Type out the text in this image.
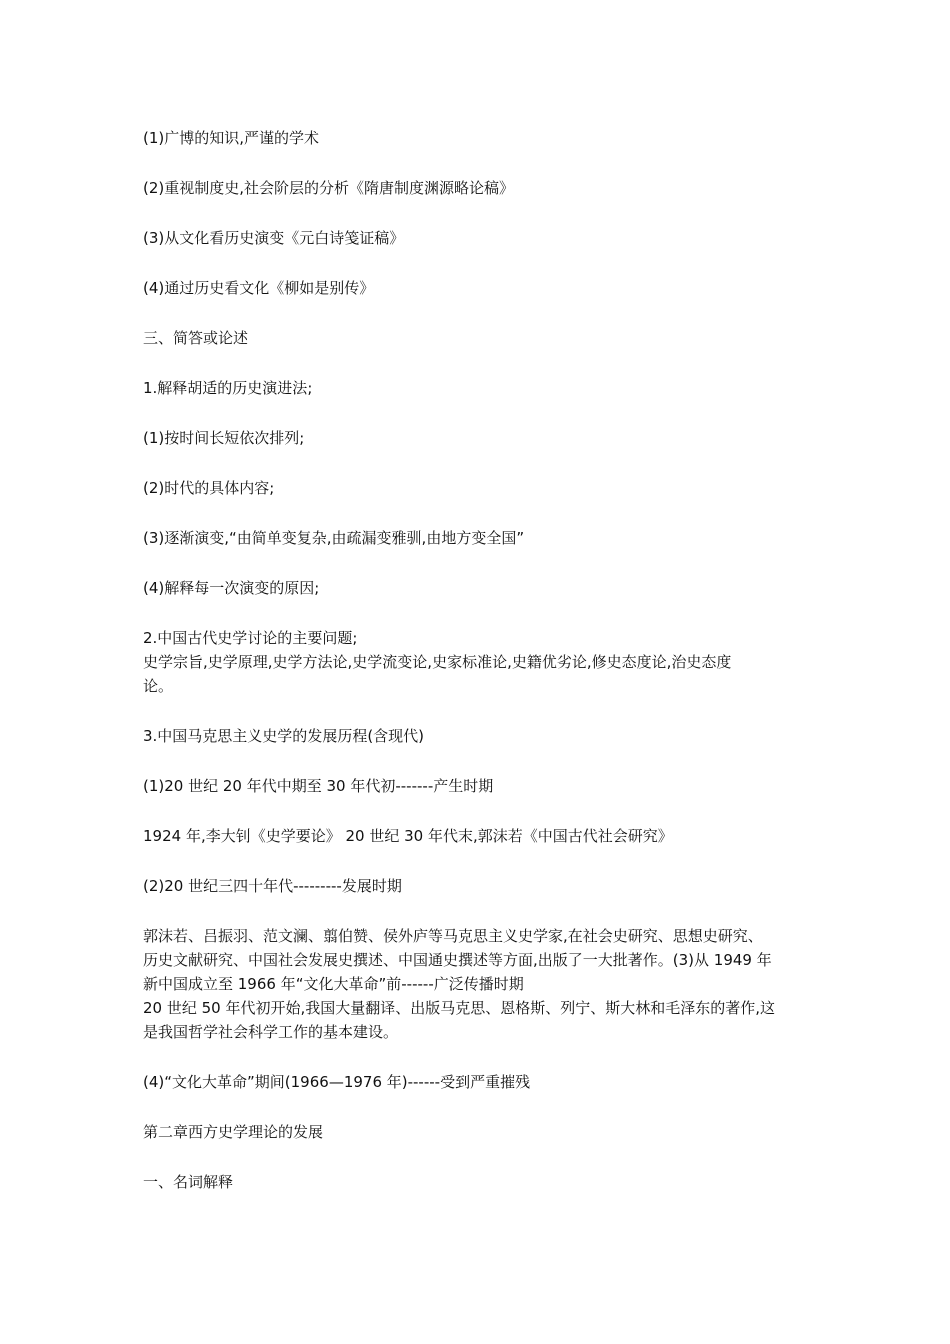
(1)广博的知识,严谨的学术
(2)重视制度史,社会阶层的分析《隋唐制度渊源略论稿》
(3)从文化看历史演变《元白诗笺证稿》
(4)通过历史看文化《柳如是别传》
三、简答或论述
1.解释胡适的历史演进法;
(1)按时间长短依次排列;
(2)时代的具体内容;
(3)逐渐演变,“由简单变复杂,由疏漏变雅驯,由地方变全国”
(4)解释每一次演变的原因;
2.中国古代史学讨论的主要问题;
史学宗旨,史学原理,史学方法论,史学流变论,史家标准论,史籍优劣论,修史态度论,治史态度
论。
3.中国马克思主义史学的发展历程(含现代)
(1)20 世纪 20 年代中期至 30 年代初-------产生时期
1924 年,李大钊《史学要论》 20 世纪 30 年代末,郭沫若《中国古代社会研究》
(2)20 世纪三四十年代---------发展时期
郭沫若、吕振羽、范文澜、翦伯赞、侯外庐等马克思主义史学家,在社会史研究、思想史研究、
历史文献研究、中国社会发展史撰述、中国通史撰述等方面,出版了一大批著作。(3)从 1949 年
新中国成立至 1966 年“文化大革命”前------广泛传播时期
20 世纪 50 年代初开始,我国大量翻译、出版马克思、恩格斯、列宁、斯大林和毛泽东的著作,这
是我国哲学社会科学工作的基本建设。
(4)“文化大革命”期间(1966—1976 年)------受到严重摧残
第二章西方史学理论的发展
一、名词解释
